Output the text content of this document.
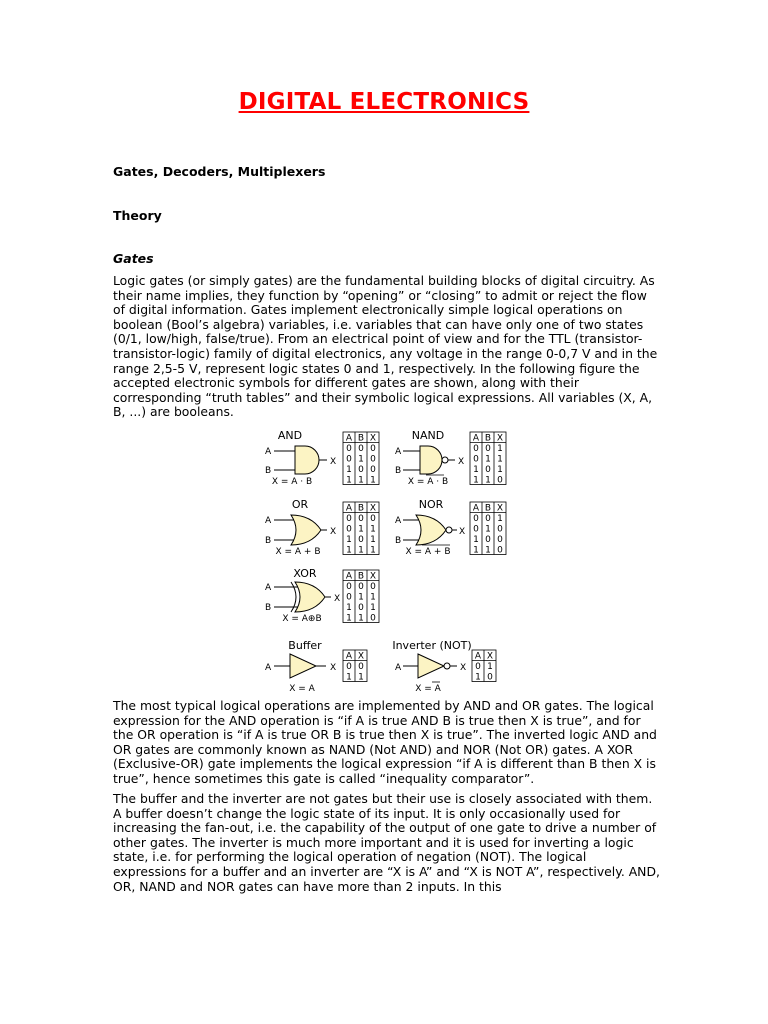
DIGITAL ELECTRONICS
Gates, Decoders, Multiplexers
Theory
Gates

Logic gates (or simply gates) are the fundamental building blocks of digital circuitry. As their name implies, they function by “opening” or “closing” to admit or reject the flow of digital information. Gates implement electronically simple logical operations on boolean (Bool’s algebra) variables, i.e. variables that can have only one of two states (0/1, low/high, false/true). From an electrical point of view and for the TTL (transistor-transistor-logic) family of digital electronics, any voltage in the range 0-0,7 V and in the range 2,5-5 V, represent logic states 0 and 1, respectively. In the following figure the accepted electronic symbols for different gates are shown, along with their corresponding “truth tables” and their symbolic logical expressions. All variables (X, A, B, ...) are booleans.

AND
A
B
X
X = A · B
NAND
A
B
X
X = A · B
OR
A
B
X
X = A + B
NOR
A
B
X
X = A + B
XOR
A
B
X
X = A⊕B
Buffer
A	X
X = A
Inverter (NOT)
A	X
X = A
A B X
0 0 0
0 1 0
1 0 0
1 1 1
A B X
0 0 1
0 1 1
1 0 1
1 1 0
A B X
0 0 0
0 1 1
1 0 1
1 1 1
A B X
0 0 1
0 1 0
1 0 0
1 1 0
A B X
0 0 0
0 1 1
1 0 1
1 1 0
A X
0 0
1 1
A X
0 1
1 0

The most typical logical operations are implemented by AND and OR gates. The logical expression for the AND operation is “if A is true AND B is true then X is true”, and for the OR operation is “if A is true OR B is true then X is true”. The inverted logic AND and OR gates are commonly known as NAND (Not AND) and NOR (Not OR) gates. A XOR (Exclusive-OR) gate implements the logical expression “if A is different than B then X is true”, hence sometimes this gate is called “inequality comparator”.

The buffer and the inverter are not gates but their use is closely associated with them. A buffer doesn’t change the logic state of its input. It is only occasionally used for increasing the fan-out, i.e. the capability of the output of one gate to drive a number of other gates. The inverter is much more important and it is used for inverting a logic state, i.e. for performing the logical operation of negation (NOT). The logical expressions for a buffer and an inverter are “X is A” and “X is NOT A”, respectively. AND, OR, NAND and NOR gates can have more than 2 inputs. In this
